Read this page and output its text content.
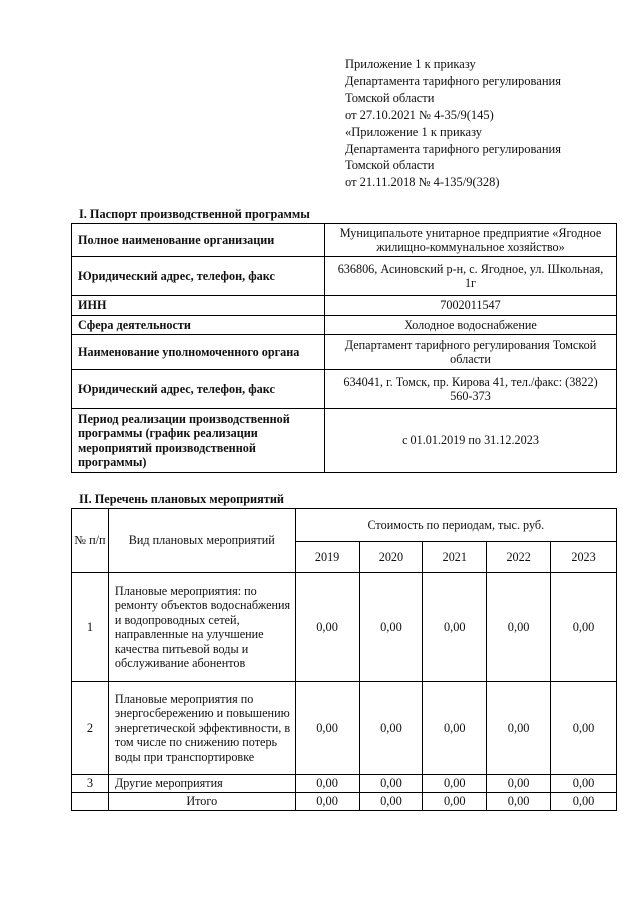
Приложение 1 к приказу
Департамента тарифного регулирования
Томской области
от 27.10.2021 № 4-35/9(145)
«Приложение 1 к приказу
Департамента тарифного регулирования
Томской области
от 21.11.2018 № 4-135/9(328)
I. Паспорт производственной программы
Полное наименование организации	Муниципальоте унитарное предприятие «Ягодное жилищно-коммунальное хозяйство»
Юридический адрес, телефон, факс	636806, Асиновский р-н, с. Ягодное, ул. Школьная, 1г
ИНН	7002011547
Сфера деятельности	Холодное водоснабжение
Наименование уполномоченного органа	Департамент тарифного регулирования Томской области
Юридический адрес, телефон, факс	634041, г. Томск, пр. Кирова 41, тел./факс: (3822) 560-373
Период реализации производственной программы (график реализации мероприятий производственной программы)	с 01.01.2019 по 31.12.2023
II. Перечень плановых мероприятий
№ п/п	Вид плановых мероприятий	Стоимость по периодам, тыс. руб.				
		2019	2020	2021	2022	2023
1	Плановые мероприятия: по ремонту объектов водоснабжения и водопроводных сетей, направленные на улучшение качества питьевой воды и обслуживание абонентов	0,00	0,00	0,00	0,00	0,00
2	Плановые мероприятия по энергосбережению и повышению энергетической эффективности, в том числе по снижению потерь воды при транспортировке	0,00	0,00	0,00	0,00	0,00
3	Другие мероприятия	0,00	0,00	0,00	0,00	0,00
	Итого	0,00	0,00	0,00	0,00	0,00
